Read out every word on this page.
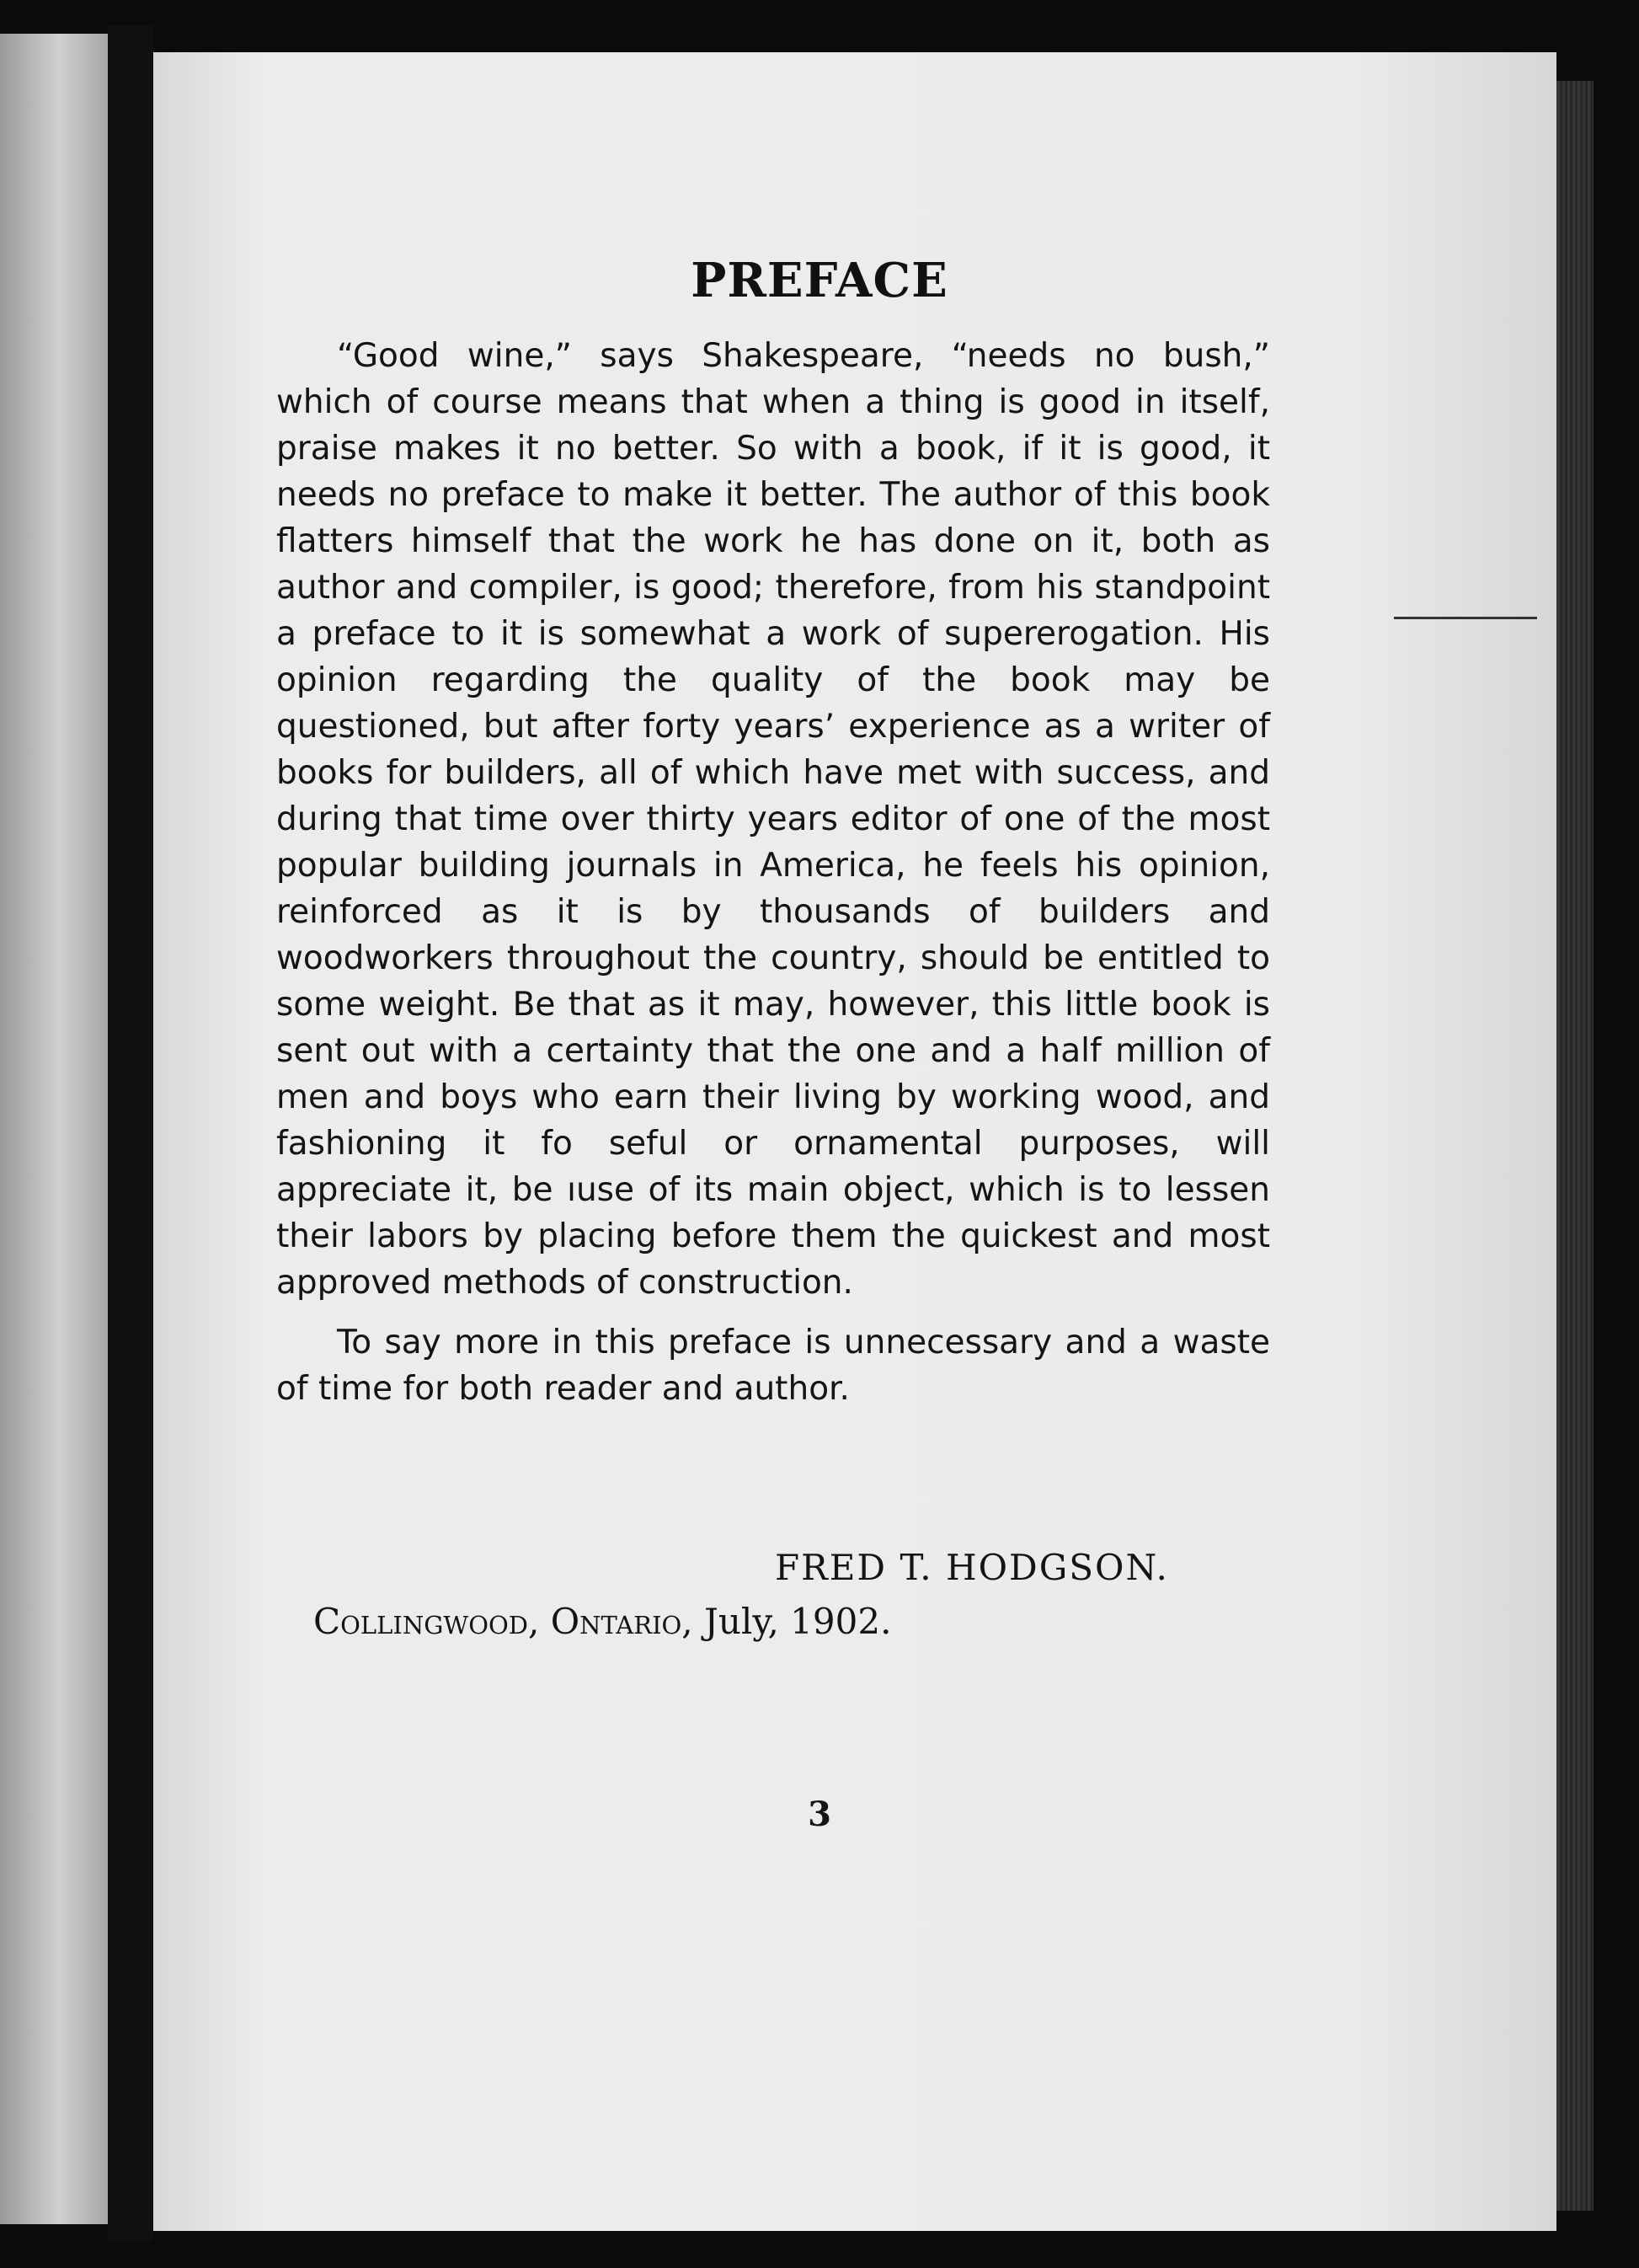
PREFACE

“Good wine,” says Shakespeare, “needs no bush,” which of course means that when a thing is good in itself, praise makes it no better. So with a book, if it is good, it needs no preface to make it better. The author of this book flatters himself that the work he has done on it, both as author and compiler, is good; therefore, from his standpoint a preface to it is somewhat a work of supererogation. His opinion regarding the quality of the book may be questioned, but after forty years’ experience as a writer of books for builders, all of which have met with success, and during that time over thirty years editor of one of the most popular building journals in America, he feels his opinion, reinforced as it is by thousands of builders and woodworkers throughout the country, should be entitled to some weight. Be that as it may, however, this little book is sent out with a certainty that the one and a half million of men and boys who earn their living by working wood, and fashioning it fo seful or ornamental purposes, will appreciate it, be ıuse of its main object, which is to lessen their labors by placing before them the quickest and most approved methods of construction.

To say more in this preface is unnecessary and a waste of time for both reader and author.

FRED T. HODGSON.

Collingwood, Ontario, July, 1902.

3
